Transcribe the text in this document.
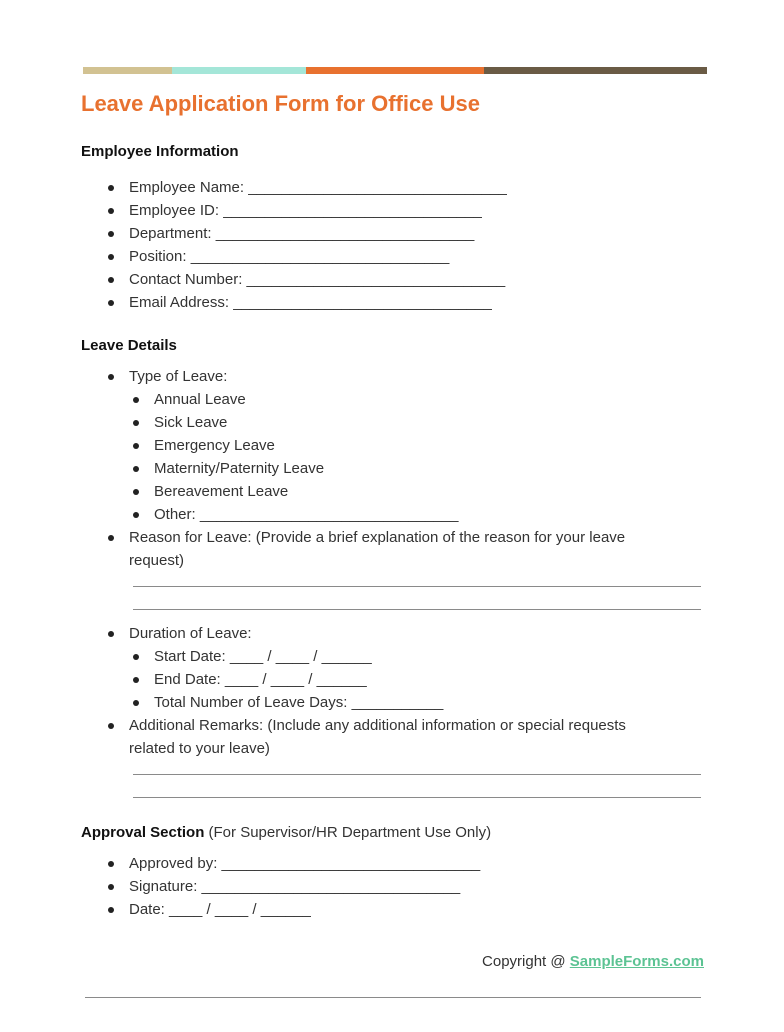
Leave Application Form for Office Use
Employee Information
Employee Name: _______________________________
Employee ID: _______________________________
Department: _______________________________
Position: _______________________________
Contact Number: _______________________________
Email Address: _______________________________
Leave Details
Type of Leave:
Annual Leave
Sick Leave
Emergency Leave
Maternity/Paternity Leave
Bereavement Leave
Other: _______________________________
Reason for Leave: (Provide a brief explanation of the reason for your leave request)
Duration of Leave:
Start Date: ____ / ____ / ______
End Date: ____ / ____ / ______
Total Number of Leave Days: ___________
Additional Remarks: (Include any additional information or special requests related to your leave)
Approval Section (For Supervisor/HR Department Use Only)
Approved by: _______________________________
Signature: _______________________________
Date: ____ / ____ / ______
Copyright @ SampleForms.com
